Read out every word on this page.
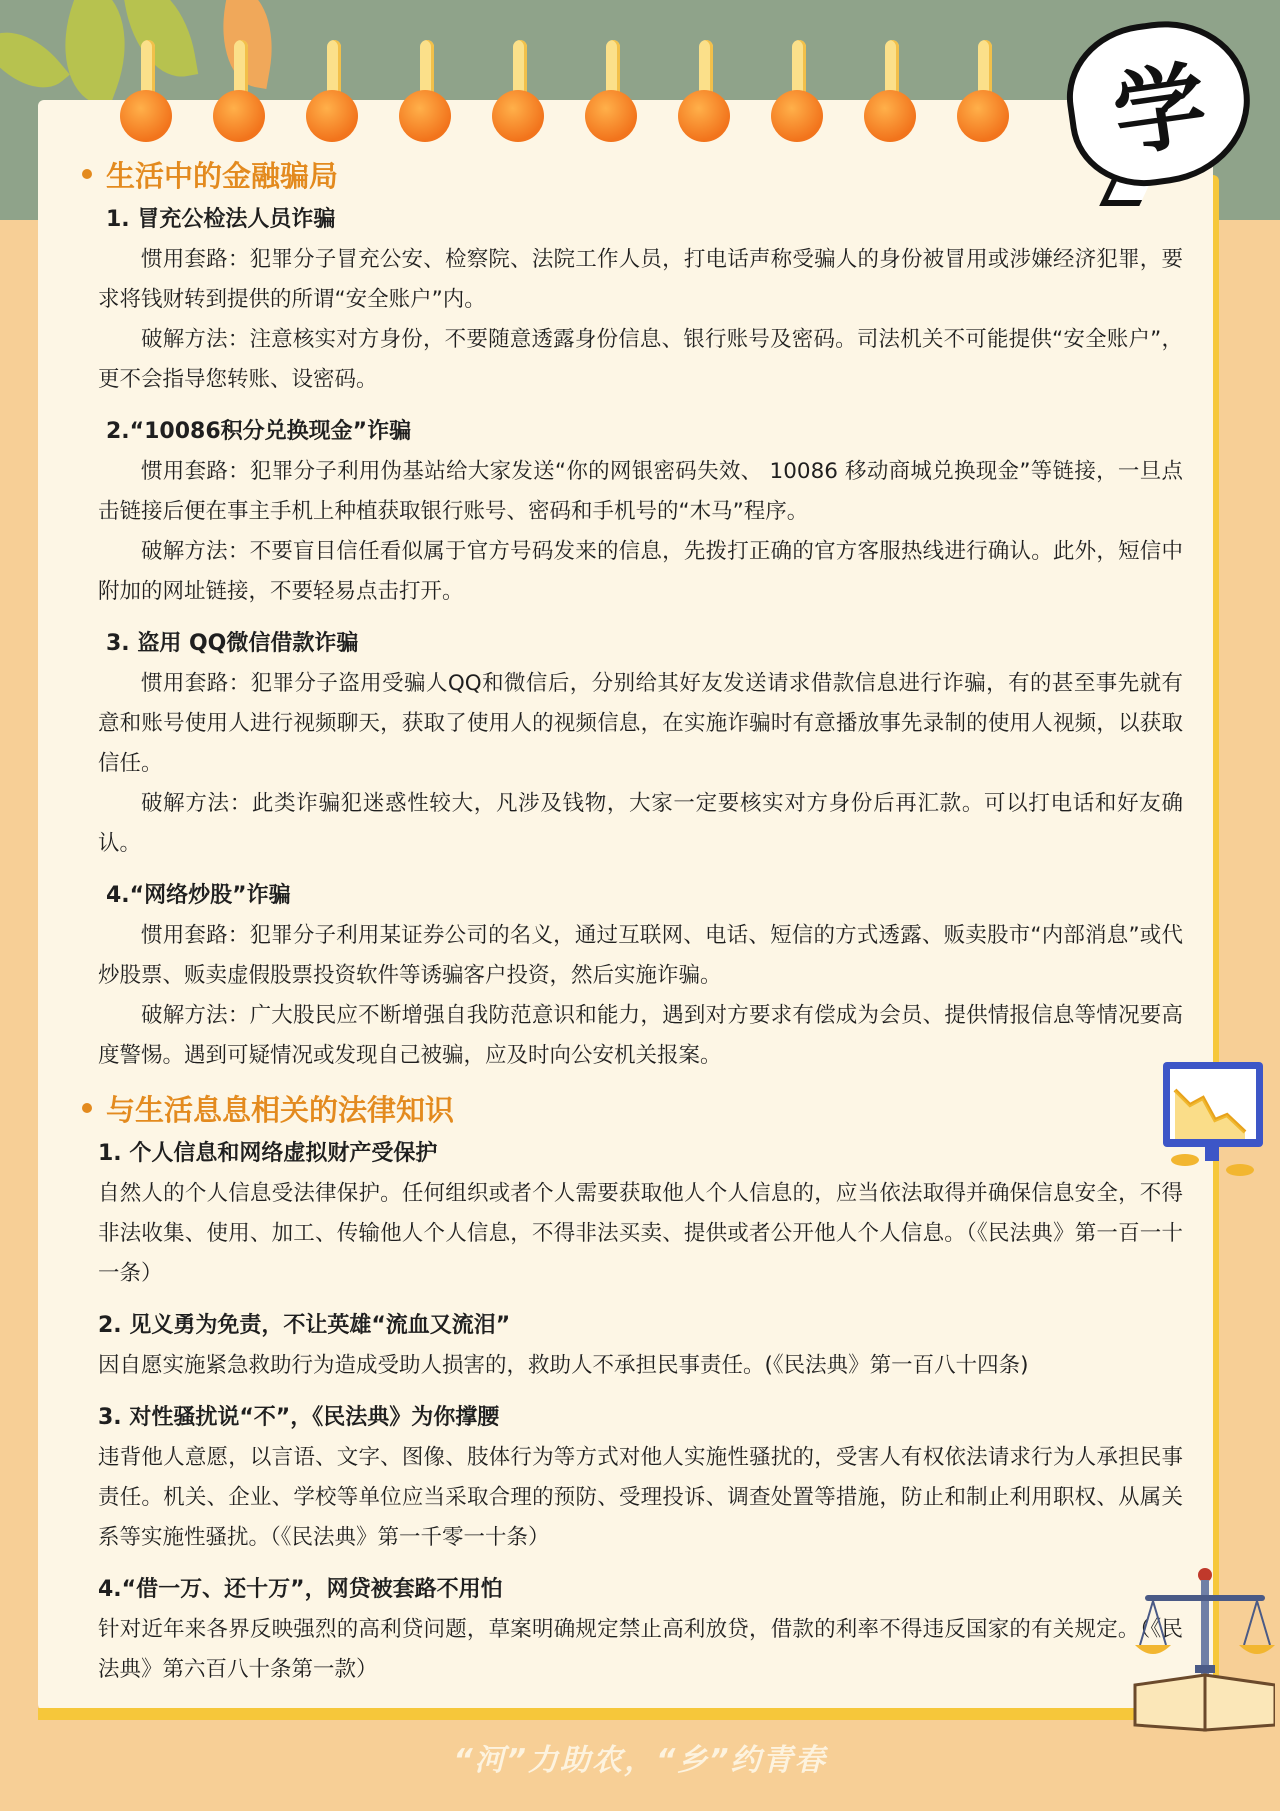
学
生活中的金融骗局
1. 冒充公检法人员诈骗

惯用套路：犯罪分子冒充公安、检察院、法院工作人员，打电话声称受骗人的身份被冒用或涉嫌经济犯罪，要求将钱财转到提供的所谓“安全账户”内。

破解方法：注意核实对方身份，不要随意透露身份信息、银行账号及密码。司法机关不可能提供“安全账户”，更不会指导您转账、设密码。

2.“10086积分兑换现金”诈骗

惯用套路：犯罪分子利用伪基站给大家发送“你的网银密码失效、 10086 移动商城兑换现金”等链接，一旦点击链接后便在事主手机上种植获取银行账号、密码和手机号的“木马”程序。

破解方法：不要盲目信任看似属于官方号码发来的信息，先拨打正确的官方客服热线进行确认。此外，短信中附加的网址链接，不要轻易点击打开。

3. 盗用 QQ微信借款诈骗

惯用套路：犯罪分子盗用受骗人QQ和微信后，分别给其好友发送请求借款信息进行诈骗，有的甚至事先就有意和账号使用人进行视频聊天，获取了使用人的视频信息，在实施诈骗时有意播放事先录制的使用人视频，以获取信任。

破解方法：此类诈骗犯迷惑性较大，凡涉及钱物，大家一定要核实对方身份后再汇款。可以打电话和好友确认。

4.“网络炒股”诈骗

惯用套路：犯罪分子利用某证券公司的名义，通过互联网、电话、短信的方式透露、贩卖股市“内部消息”或代炒股票、贩卖虚假股票投资软件等诱骗客户投资，然后实施诈骗。

破解方法：广大股民应不断增强自我防范意识和能力，遇到对方要求有偿成为会员、提供情报信息等情况要高度警惕。遇到可疑情况或发现自己被骗，应及时向公安机关报案。

与生活息息相关的法律知识
1. 个人信息和网络虚拟财产受保护

自然人的个人信息受法律保护。任何组织或者个人需要获取他人个人信息的，应当依法取得并确保信息安全，不得非法收集、使用、加工、传输他人个人信息，不得非法买卖、提供或者公开他人个人信息。（《民法典》第一百一十一条）

2. 见义勇为免责，不让英雄“流血又流泪”

因自愿实施紧急救助行为造成受助人损害的，救助人不承担民事责任。(《民法典》第一百八十四条)

3. 对性骚扰说“不”，《民法典》为你撑腰

违背他人意愿，以言语、文字、图像、肢体行为等方式对他人实施性骚扰的，受害人有权依法请求行为人承担民事责任。机关、企业、学校等单位应当采取合理的预防、受理投诉、调查处置等措施，防止和制止利用职权、从属关系等实施性骚扰。（《民法典》第一千零一十条）

4.“借一万、还十万”，网贷被套路不用怕

针对近年来各界反映强烈的高利贷问题，草案明确规定禁止高利放贷，借款的利率不得违反国家的有关规定。（《民法典》第六百八十条第一款）

“河”力助农，“乡”约青春
